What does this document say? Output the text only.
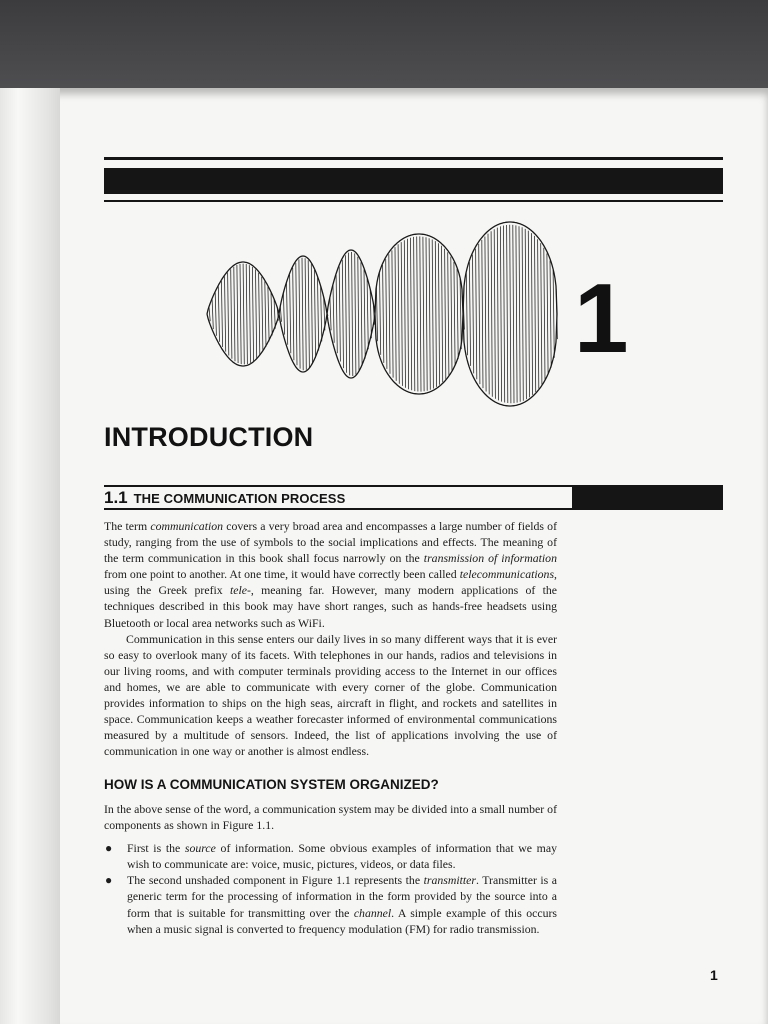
1
INTRODUCTION
1.1 THE COMMUNICATION PROCESS

The term communication covers a very broad area and encompasses a large number of fields of study, ranging from the use of symbols to the social implications and effects. The meaning of the term communication in this book shall focus narrowly on the transmission of information from one point to another. At one time, it would have correctly been called telecommunications, using the Greek prefix tele-, meaning far. However, many modern applications of the techniques described in this book may have short ranges, such as hands-free headsets using Bluetooth or local area networks such as WiFi.

Communication in this sense enters our daily lives in so many different ways that it is ever so easy to overlook many of its facets. With telephones in our hands, radios and televisions in our living rooms, and with computer terminals providing access to the Internet in our offices and homes, we are able to communicate with every corner of the globe. Communication provides information to ships on the high seas, aircraft in flight, and rockets and satellites in space. Communication keeps a weather forecaster informed of environmental communications measured by a multitude of sensors. Indeed, the list of applications involving the use of communication in one way or another is almost endless.

HOW IS A COMMUNICATION SYSTEM ORGANIZED?

In the above sense of the word, a communication system may be divided into a small number of components as shown in Figure 1.1.

● First is the source of information. Some obvious examples of information that we may wish to communicate are: voice, music, pictures, videos, or data files.

● The second unshaded component in Figure 1.1 represents the transmitter. Transmitter is a generic term for the processing of information in the form provided by the source into a form that is suitable for transmitting over the channel. A simple example of this occurs when a music signal is converted to frequency modulation (FM) for radio transmission.

1
